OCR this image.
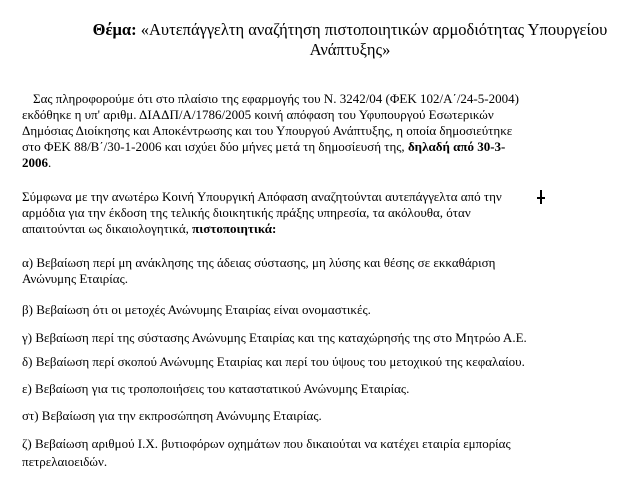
Θέμα: «Αυτεπάγγελτη αναζήτηση πιστοποιητικών αρμοδιότητας Υπουργείου
Ανάπτυξης»
Σας πληροφορούμε ότι στο πλαίσιο της εφαρμογής του Ν. 3242/04 (ΦΕΚ 102/Α΄/24-5-2004)
εκδόθηκε η υπ' αριθμ. ΔΙΑΔΠ/Α/1786/2005 κοινή απόφαση του Υφυπουργού Εσωτερικών
Δημόσιας Διοίκησης και Αποκέντρωσης και του Υπουργού Ανάπτυξης, η οποία δημοσιεύτηκε
στο ΦΕΚ 88/Β΄/30-1-2006 και ισχύει δύο μήνες μετά τη δημοσίευσή της, δηλαδή από 30-3-
2006.
Σύμφωνα με την ανωτέρω Κοινή Υπουργική Απόφαση αναζητούνται αυτεπάγγελτα από την
αρμόδια για την έκδοση της τελικής διοικητικής πράξης υπηρεσία, τα ακόλουθα, όταν
απαιτούνται ως δικαιολογητικά, πιστοποιητικά:
α) Βεβαίωση περί μη ανάκλησης της άδειας σύστασης, μη λύσης και θέσης σε εκκαθάριση
Ανώνυμης Εταιρίας.
β) Βεβαίωση ότι οι μετοχές Ανώνυμης Εταιρίας είναι ονομαστικές.
γ) Βεβαίωση περί της σύστασης Ανώνυμης Εταιρίας και της καταχώρησής της στο Μητρώο Α.Ε.
δ) Βεβαίωση περί σκοπού Ανώνυμης Εταιρίας και περί του ύψους του μετοχικού της κεφαλαίου.
ε) Βεβαίωση για τις τροποποιήσεις του καταστατικού Ανώνυμης Εταιρίας.
στ) Βεβαίωση για την εκπροσώπηση Ανώνυμης Εταιρίας.
ζ) Βεβαίωση αριθμού Ι.Χ. βυτιοφόρων οχημάτων που δικαιούται να κατέχει εταιρία εμπορίας
πετρελαιοειδών.
